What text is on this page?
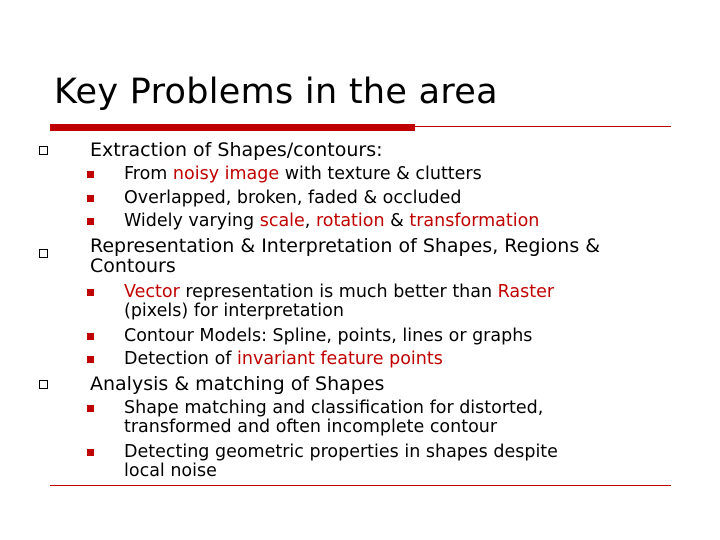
Key Problems in the area
Extraction of Shapes/contours:
From noisy image with texture & clutters
Overlapped, broken, faded & occluded
Widely varying scale, rotation & transformation
Representation & Interpretation of Shapes, Regions &
Contours
Vector representation is much better than Raster
(pixels) for interpretation
Contour Models: Spline, points, lines or graphs
Detection of invariant feature points
Analysis & matching of Shapes
Shape matching and classification for distorted,
transformed and often incomplete contour
Detecting geometric properties in shapes despite
local noise
